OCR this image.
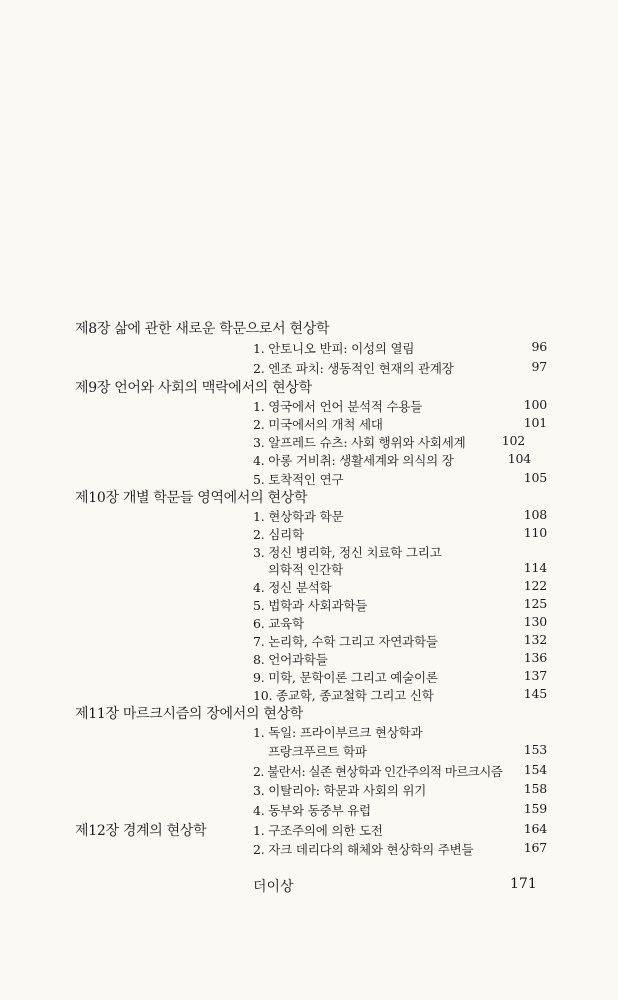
제8장 삶에 관한 새로운 학문으로서 현상학
1. 안토니오 반피: 이성의 열림	96
2. 엔조 파치: 생동적인 현재의 관계장	97
제9장 언어와 사회의 맥락에서의 현상학
1. 영국에서 언어 분석적 수용들	100
2. 미국에서의 개척 세대	101
3. 알프레드 슈츠: 사회 행위와 사회세계	102
4. 아롱 거비취: 생활세계와 의식의 장	104
5. 토착적인 연구	105
제10장 개별 학문들 영역에서의 현상학
1. 현상학과 학문	108
2. 심리학	110
3. 정신 병리학, 정신 치료학 그리고
의학적 인간학	114
4. 정신 분석학	122
5. 법학과 사회과학들	125
6. 교육학	130
7. 논리학, 수학 그리고 자연과학들	132
8. 언어과학들	136
9. 미학, 문학이론 그리고 예술이론	137
10. 종교학, 종교철학 그리고 신학	145
제11장 마르크시즘의 장에서의 현상학
1. 독일: 프라이부르크 현상학과
프랑크푸르트 학파	153
2. 불란서: 실존 현상학과 인간주의적 마르크시즘 154
3. 이탈리아: 학문과 사회의 위기	158
4. 동부와 동중부 유럽	159
제12장 경계의 현상학	1. 구조주의에 의한 도전	164
2. 자크 데리다의 해체와 현상학의 주변들	167
더이상	171
